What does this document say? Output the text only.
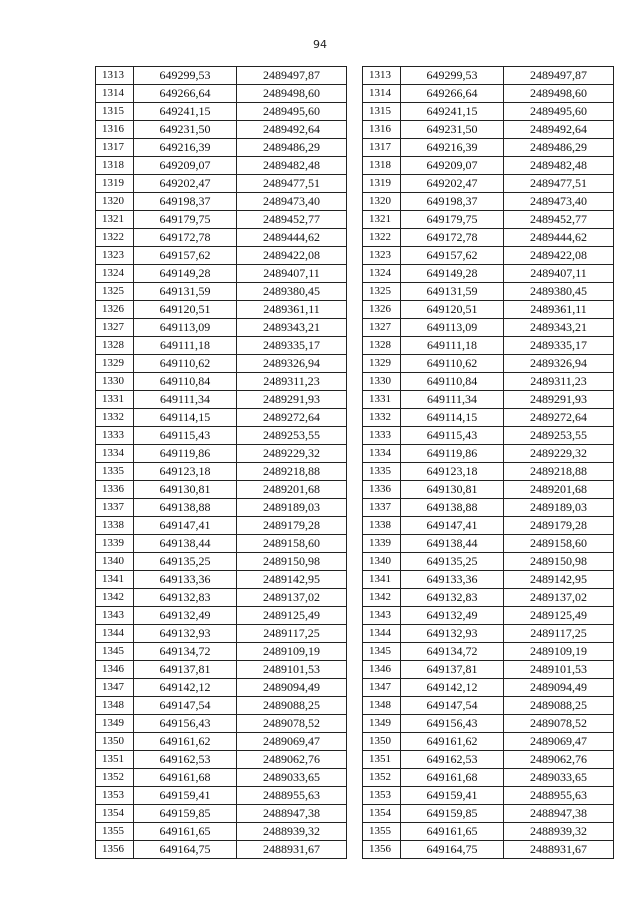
94
1313	649299,53	2489497,87
1314	649266,64	2489498,60
1315	649241,15	2489495,60
1316	649231,50	2489492,64
1317	649216,39	2489486,29
1318	649209,07	2489482,48
1319	649202,47	2489477,51
1320	649198,37	2489473,40
1321	649179,75	2489452,77
1322	649172,78	2489444,62
1323	649157,62	2489422,08
1324	649149,28	2489407,11
1325	649131,59	2489380,45
1326	649120,51	2489361,11
1327	649113,09	2489343,21
1328	649111,18	2489335,17
1329	649110,62	2489326,94
1330	649110,84	2489311,23
1331	649111,34	2489291,93
1332	649114,15	2489272,64
1333	649115,43	2489253,55
1334	649119,86	2489229,32
1335	649123,18	2489218,88
1336	649130,81	2489201,68
1337	649138,88	2489189,03
1338	649147,41	2489179,28
1339	649138,44	2489158,60
1340	649135,25	2489150,98
1341	649133,36	2489142,95
1342	649132,83	2489137,02
1343	649132,49	2489125,49
1344	649132,93	2489117,25
1345	649134,72	2489109,19
1346	649137,81	2489101,53
1347	649142,12	2489094,49
1348	649147,54	2489088,25
1349	649156,43	2489078,52
1350	649161,62	2489069,47
1351	649162,53	2489062,76
1352	649161,68	2489033,65
1353	649159,41	2488955,63
1354	649159,85	2488947,38
1355	649161,65	2488939,32
1356	649164,75	2488931,67
1313	649299,53	2489497,87
1314	649266,64	2489498,60
1315	649241,15	2489495,60
1316	649231,50	2489492,64
1317	649216,39	2489486,29
1318	649209,07	2489482,48
1319	649202,47	2489477,51
1320	649198,37	2489473,40
1321	649179,75	2489452,77
1322	649172,78	2489444,62
1323	649157,62	2489422,08
1324	649149,28	2489407,11
1325	649131,59	2489380,45
1326	649120,51	2489361,11
1327	649113,09	2489343,21
1328	649111,18	2489335,17
1329	649110,62	2489326,94
1330	649110,84	2489311,23
1331	649111,34	2489291,93
1332	649114,15	2489272,64
1333	649115,43	2489253,55
1334	649119,86	2489229,32
1335	649123,18	2489218,88
1336	649130,81	2489201,68
1337	649138,88	2489189,03
1338	649147,41	2489179,28
1339	649138,44	2489158,60
1340	649135,25	2489150,98
1341	649133,36	2489142,95
1342	649132,83	2489137,02
1343	649132,49	2489125,49
1344	649132,93	2489117,25
1345	649134,72	2489109,19
1346	649137,81	2489101,53
1347	649142,12	2489094,49
1348	649147,54	2489088,25
1349	649156,43	2489078,52
1350	649161,62	2489069,47
1351	649162,53	2489062,76
1352	649161,68	2489033,65
1353	649159,41	2488955,63
1354	649159,85	2488947,38
1355	649161,65	2488939,32
1356	649164,75	2488931,67
